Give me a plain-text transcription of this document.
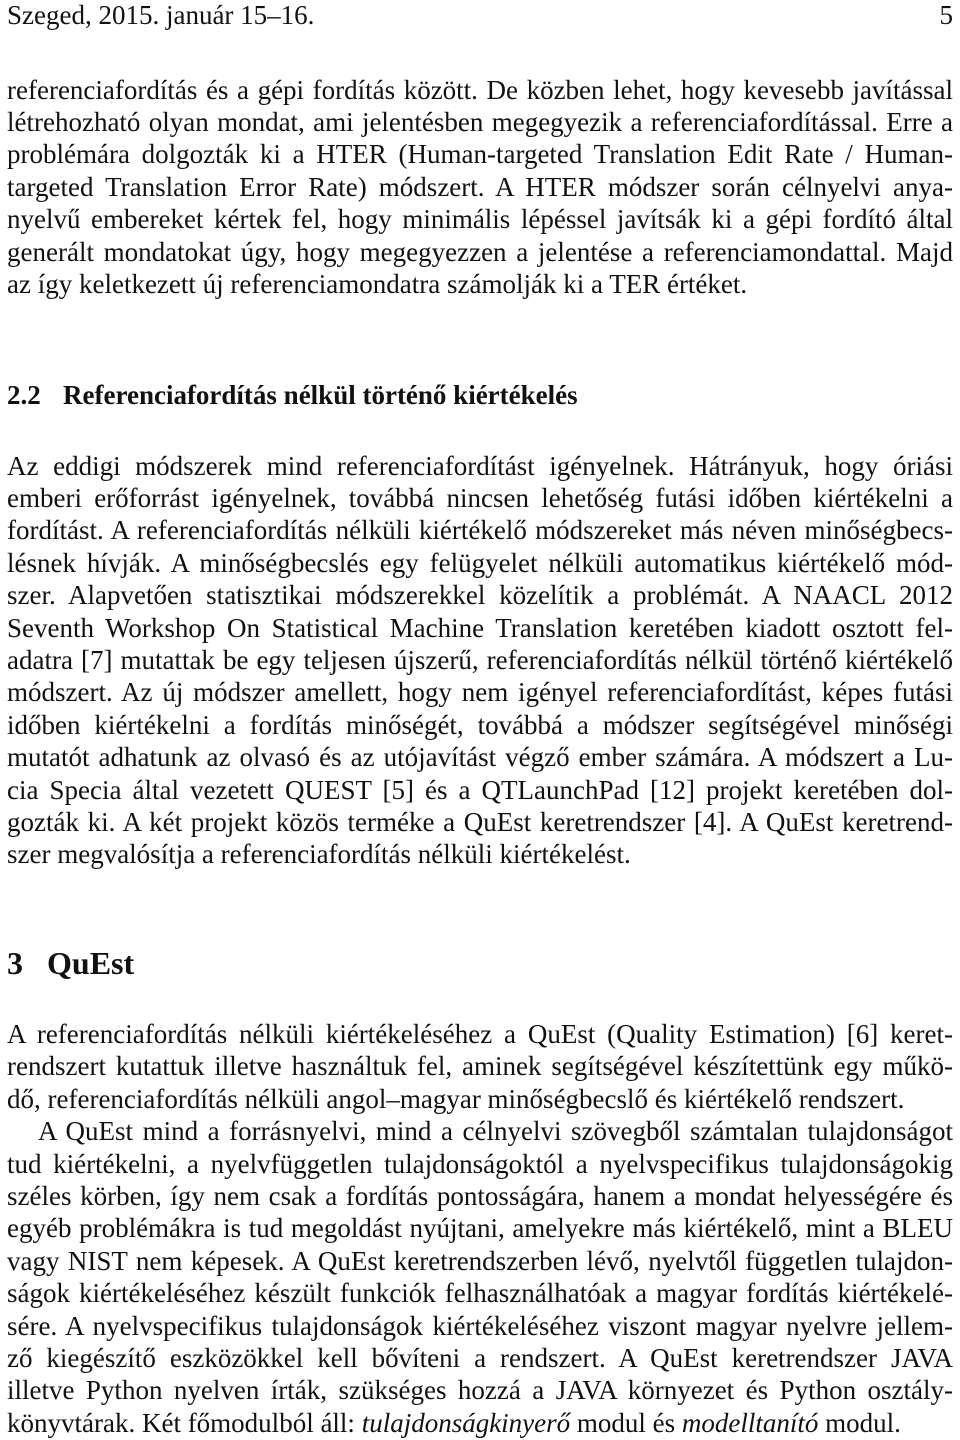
Szeged, 2015. január 15–16.	5
referenciafordítás és a gépi fordítás között. De közben lehet, hogy kevesebb javítással
létrehozható olyan mondat, ami jelentésben megegyezik a referenciafordítással. Erre a
problémára dolgozták ki a HTER (Human-targeted Translation Edit Rate / Human-
targeted Translation Error Rate) módszert. A HTER módszer során célnyelvi anya-
nyelvű embereket kértek fel, hogy minimális lépéssel javítsák ki a gépi fordító által
generált mondatokat úgy, hogy megegyezzen a jelentése a referenciamondattal. Majd
az így keletkezett új referenciamondatra számolják ki a TER értéket.
2.2 Referenciafordítás nélkül történő kiértékelés
Az eddigi módszerek mind referenciafordítást igényelnek. Hátrányuk, hogy óriási
emberi erőforrást igényelnek, továbbá nincsen lehetőség futási időben kiértékelni a
fordítást. A referenciafordítás nélküli kiértékelő módszereket más néven minőségbecs-
lésnek hívják. A minőségbecslés egy felügyelet nélküli automatikus kiértékelő mód-
szer. Alapvetően statisztikai módszerekkel közelítik a problémát. A NAACL 2012
Seventh Workshop On Statistical Machine Translation keretében kiadott osztott fel-
adatra [7] mutattak be egy teljesen újszerű, referenciafordítás nélkül történő kiértékelő
módszert. Az új módszer amellett, hogy nem igényel referenciafordítást, képes futási
időben kiértékelni a fordítás minőségét, továbbá a módszer segítségével minőségi
mutatót adhatunk az olvasó és az utójavítást végző ember számára. A módszert a Lu-
cia Specia által vezetett QUEST [5] és a QTLaunchPad [12] projekt keretében dol-
gozták ki. A két projekt közös terméke a QuEst keretrendszer [4]. A QuEst keretrend-
szer megvalósítja a referenciafordítás nélküli kiértékelést.
3 QuEst
A referenciafordítás nélküli kiértékeléséhez a QuEst (Quality Estimation) [6] keret-
rendszert kutattuk illetve használtuk fel, aminek segítségével készítettünk egy műkö-
dő, referenciafordítás nélküli angol–magyar minőségbecslő és kiértékelő rendszert.
A QuEst mind a forrásnyelvi, mind a célnyelvi szövegből számtalan tulajdonságot
tud kiértékelni, a nyelvfüggetlen tulajdonságoktól a nyelvspecifikus tulajdonságokig
széles körben, így nem csak a fordítás pontosságára, hanem a mondat helyességére és
egyéb problémákra is tud megoldást nyújtani, amelyekre más kiértékelő, mint a BLEU
vagy NIST nem képesek. A QuEst keretrendszerben lévő, nyelvtől független tulajdon-
ságok kiértékeléséhez készült funkciók felhasználhatóak a magyar fordítás kiértékelé-
sére. A nyelvspecifikus tulajdonságok kiértékeléséhez viszont magyar nyelvre jellem-
ző kiegészítő eszközökkel kell bővíteni a rendszert. A QuEst keretrendszer JAVA
illetve Python nyelven írták, szükséges hozzá a JAVA környezet és Python osztály-
könyvtárak. Két főmodulból áll: tulajdonságkinyerő modul és modelltanító modul.
